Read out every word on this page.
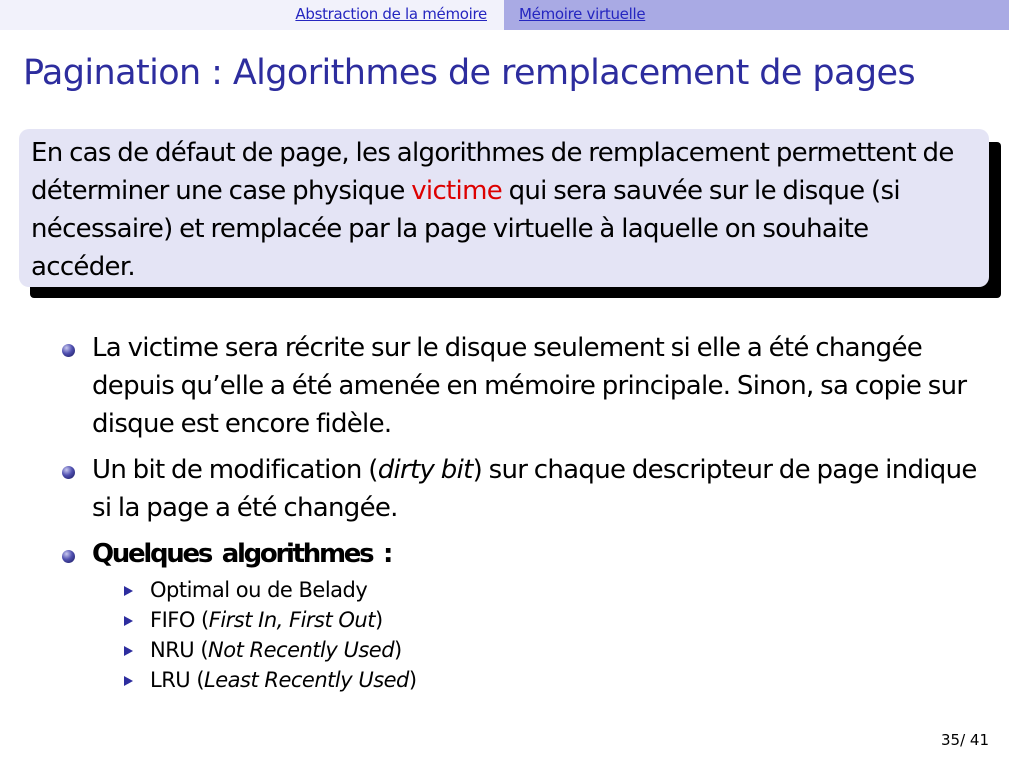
Abstraction de la mémoire Mémoire virtuelle
Pagination : Algorithmes de remplacement de pages

En cas de défaut de page, les algorithmes de remplacement permettent de déterminer une case physique victime qui sera sauvée sur le disque (si nécessaire) et remplacée par la page virtuelle à laquelle on souhaite accéder.

La victime sera récrite sur le disque seulement si elle a été changée depuis qu’elle a été amenée en mémoire principale. Sinon, sa copie sur disque est encore fidèle.
Un bit de modification (dirty bit) sur chaque descripteur de page indique si la page a été changée.
Quelques algorithmes :
Optimal ou de Belady
FIFO (First In, First Out)
NRU (Not Recently Used)
LRU (Least Recently Used)
35/ 41
